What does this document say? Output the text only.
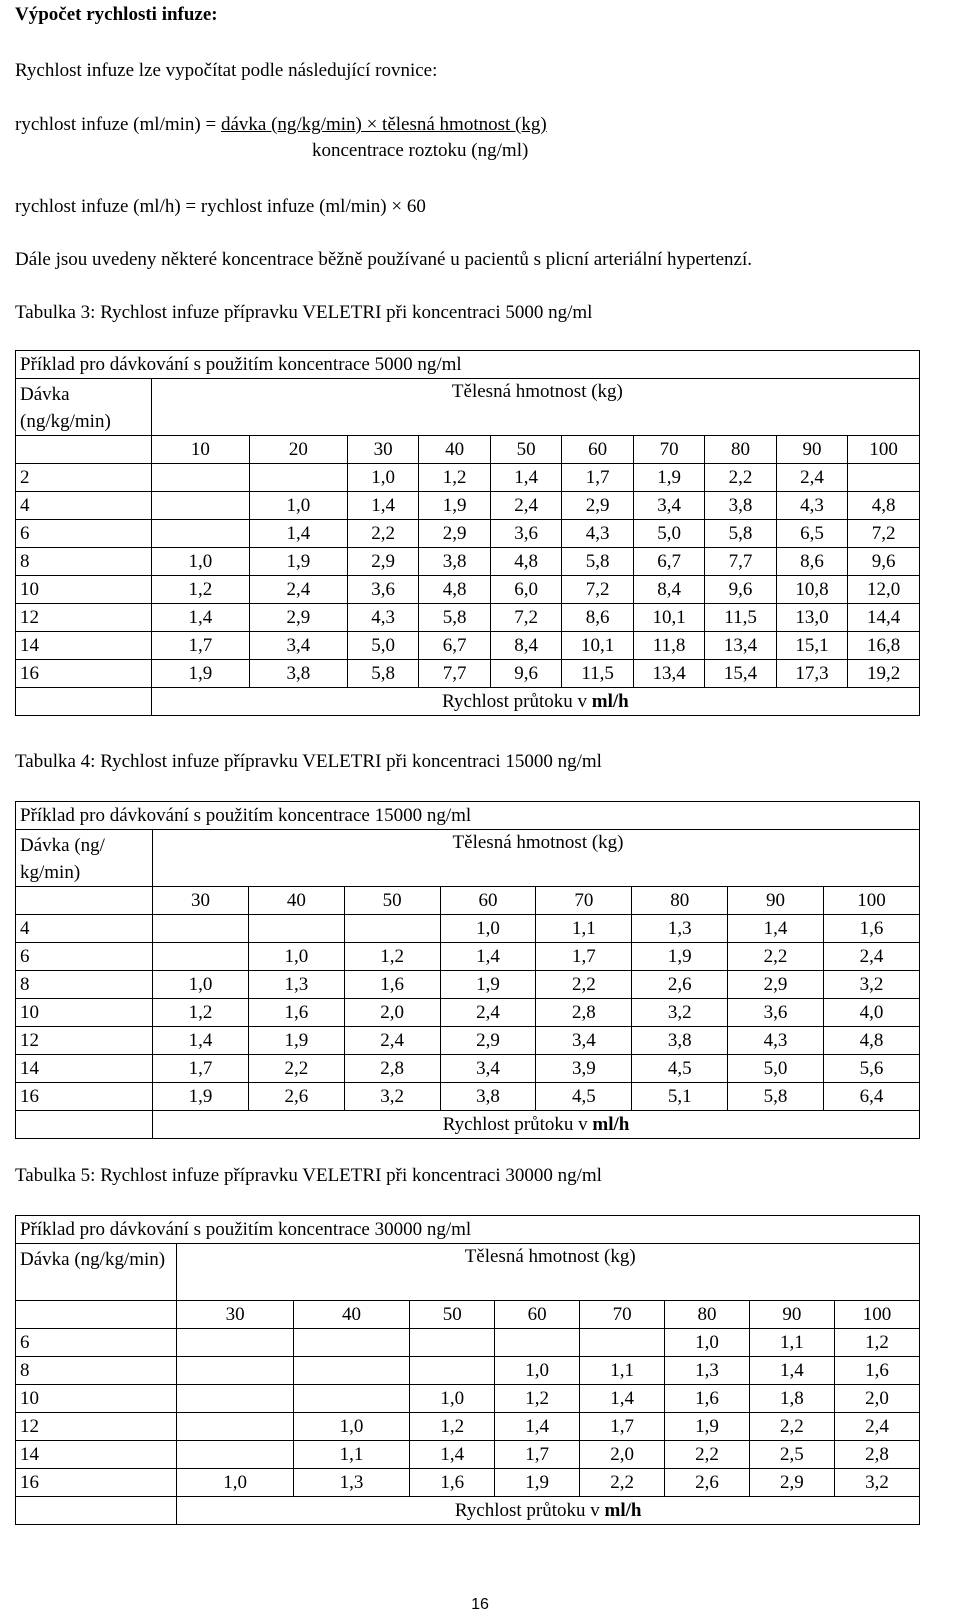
Výpočet rychlosti infuze:
Rychlost infuze lze vypočítat podle následující rovnice:
rychlost infuze (ml/min) = dávka (ng/kg/min) × tělesná hmotnost (kg)
koncentrace roztoku (ng/ml)
rychlost infuze (ml/h) = rychlost infuze (ml/min) × 60
Dále jsou uvedeny některé koncentrace běžně používané u pacientů s plicní arteriální hypertenzí.
Tabulka 3: Rychlost infuze přípravku VELETRI při koncentraci 5000 ng/ml
Příklad pro dávkování s použitím koncentrace 5000 ng/ml										
Dávka (ng/kg/min)	Tělesná hmotnost (kg)									
	10	20	30	40	50	60	70	80	90	100
2			1,0	1,2	1,4	1,7	1,9	2,2	2,4	
4		1,0	1,4	1,9	2,4	2,9	3,4	3,8	4,3	4,8
6		1,4	2,2	2,9	3,6	4,3	5,0	5,8	6,5	7,2
8	1,0	1,9	2,9	3,8	4,8	5,8	6,7	7,7	8,6	9,6
10	1,2	2,4	3,6	4,8	6,0	7,2	8,4	9,6	10,8	12,0
12	1,4	2,9	4,3	5,8	7,2	8,6	10,1	11,5	13,0	14,4
14	1,7	3,4	5,0	6,7	8,4	10,1	11,8	13,4	15,1	16,8
16	1,9	3,8	5,8	7,7	9,6	11,5	13,4	15,4	17,3	19,2
	Rychlost průtoku v ml/h									
Tabulka 4: Rychlost infuze přípravku VELETRI při koncentraci 15000 ng/ml
Příklad pro dávkování s použitím koncentrace 15000 ng/ml								
Dávka (ng/ kg/min)	Tělesná hmotnost (kg)							
	30	40	50	60	70	80	90	100
4				1,0	1,1	1,3	1,4	1,6
6		1,0	1,2	1,4	1,7	1,9	2,2	2,4
8	1,0	1,3	1,6	1,9	2,2	2,6	2,9	3,2
10	1,2	1,6	2,0	2,4	2,8	3,2	3,6	4,0
12	1,4	1,9	2,4	2,9	3,4	3,8	4,3	4,8
14	1,7	2,2	2,8	3,4	3,9	4,5	5,0	5,6
16	1,9	2,6	3,2	3,8	4,5	5,1	5,8	6,4
	Rychlost průtoku v ml/h							
Tabulka 5: Rychlost infuze přípravku VELETRI při koncentraci 30000 ng/ml
Příklad pro dávkování s použitím koncentrace 30000 ng/ml								
Dávka (ng/kg/min)	Tělesná hmotnost (kg)							
	30	40	50	60	70	80	90	100
6						1,0	1,1	1,2
8				1,0	1,1	1,3	1,4	1,6
10			1,0	1,2	1,4	1,6	1,8	2,0
12		1,0	1,2	1,4	1,7	1,9	2,2	2,4
14		1,1	1,4	1,7	2,0	2,2	2,5	2,8
16	1,0	1,3	1,6	1,9	2,2	2,6	2,9	3,2
	Rychlost průtoku v ml/h							
16
